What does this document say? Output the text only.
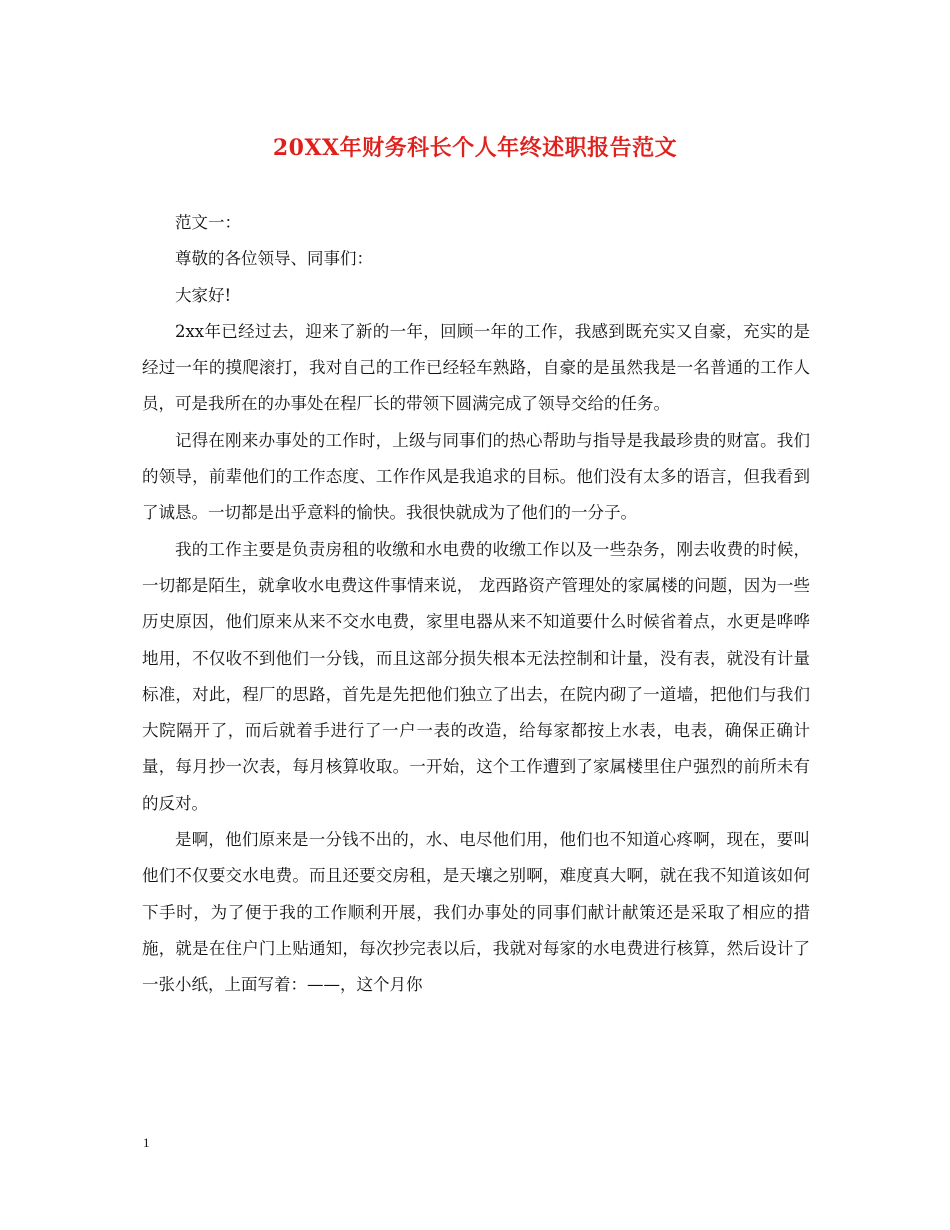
20XX年财务科长个人年终述职报告范文

范文一：

尊敬的各位领导、同事们：

大家好!

2xx年已经过去，迎来了新的一年，回顾一年的工作，我感到既充实又自豪，充实的是经过一年的摸爬滚打，我对自己的工作已经轻车熟路，自豪的是虽然我是一名普通的工作人员，可是我所在的办事处在程厂长的带领下圆满完成了领导交给的任务。

记得在刚来办事处的工作时，上级与同事们的热心帮助与指导是我最珍贵的财富。我们的领导，前辈他们的工作态度、工作作风是我追求的目标。他们没有太多的语言，但我看到了诚恳。一切都是出乎意料的愉快。我很快就成为了他们的一分子。

我的工作主要是负责房租的收缴和水电费的收缴工作以及一些杂务，刚去收费的时候，一切都是陌生，就拿收水电费这件事情来说， 龙西路资产管理处的家属楼的问题，因为一些历史原因，他们原来从来不交水电费，家里电器从来不知道要什么时候省着点，水更是哗哗地用，不仅收不到他们一分钱，而且这部分损失根本无法控制和计量，没有表，就没有计量标准，对此，程厂的思路，首先是先把他们独立了出去，在院内砌了一道墙，把他们与我们大院隔开了，而后就着手进行了一户一表的改造，给每家都按上水表，电表，确保正确计量，每月抄一次表，每月核算收取。一开始，这个工作遭到了家属楼里住户强烈的前所未有的反对。

是啊，他们原来是一分钱不出的，水、电尽他们用，他们也不知道心疼啊，现在，要叫他们不仅要交水电费。而且还要交房租，是天壤之别啊，难度真大啊，就在我不知道该如何下手时，为了便于我的工作顺利开展，我们办事处的同事们献计献策还是采取了相应的措施，就是在住户门上贴通知，每次抄完表以后，我就对每家的水电费进行核算，然后设计了一张小纸，上面写着：——，这个月你

1
